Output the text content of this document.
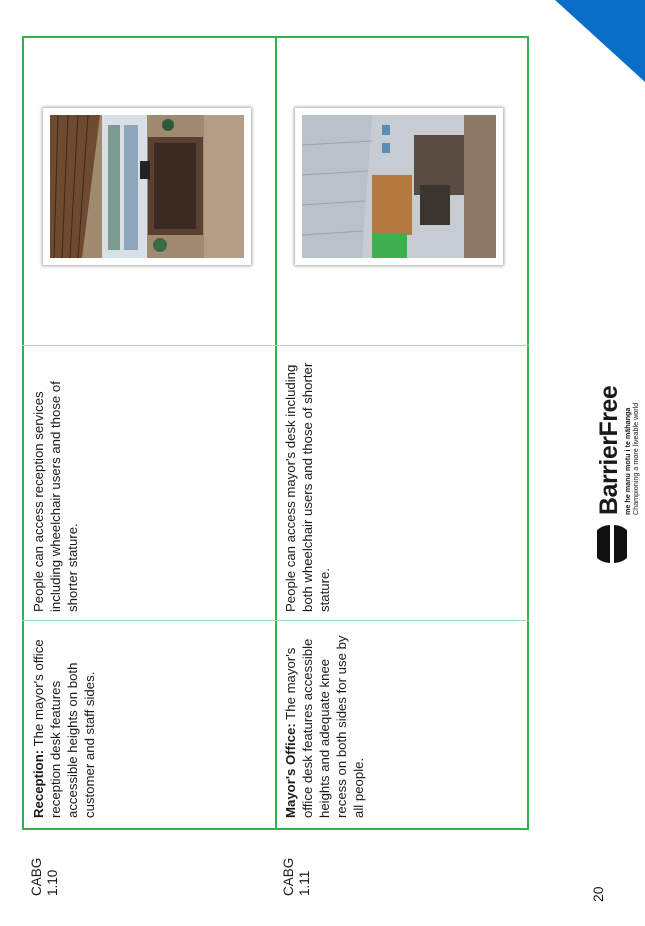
CABG 1.10
Reception: The mayor's office reception desk features accessible heights on both customer and staff sides.
People can access reception services including wheelchair users and those of shorter stature.
CABG 1.11
Mayor's Office: The mayor's office desk features accessible heights and adequate knee recess on both sides for use by all people.
People can access mayor's desk including both wheelchair users and those of shorter stature.
20
BarrierFree me he manu motu i te māhanga Championing a more liveable world
